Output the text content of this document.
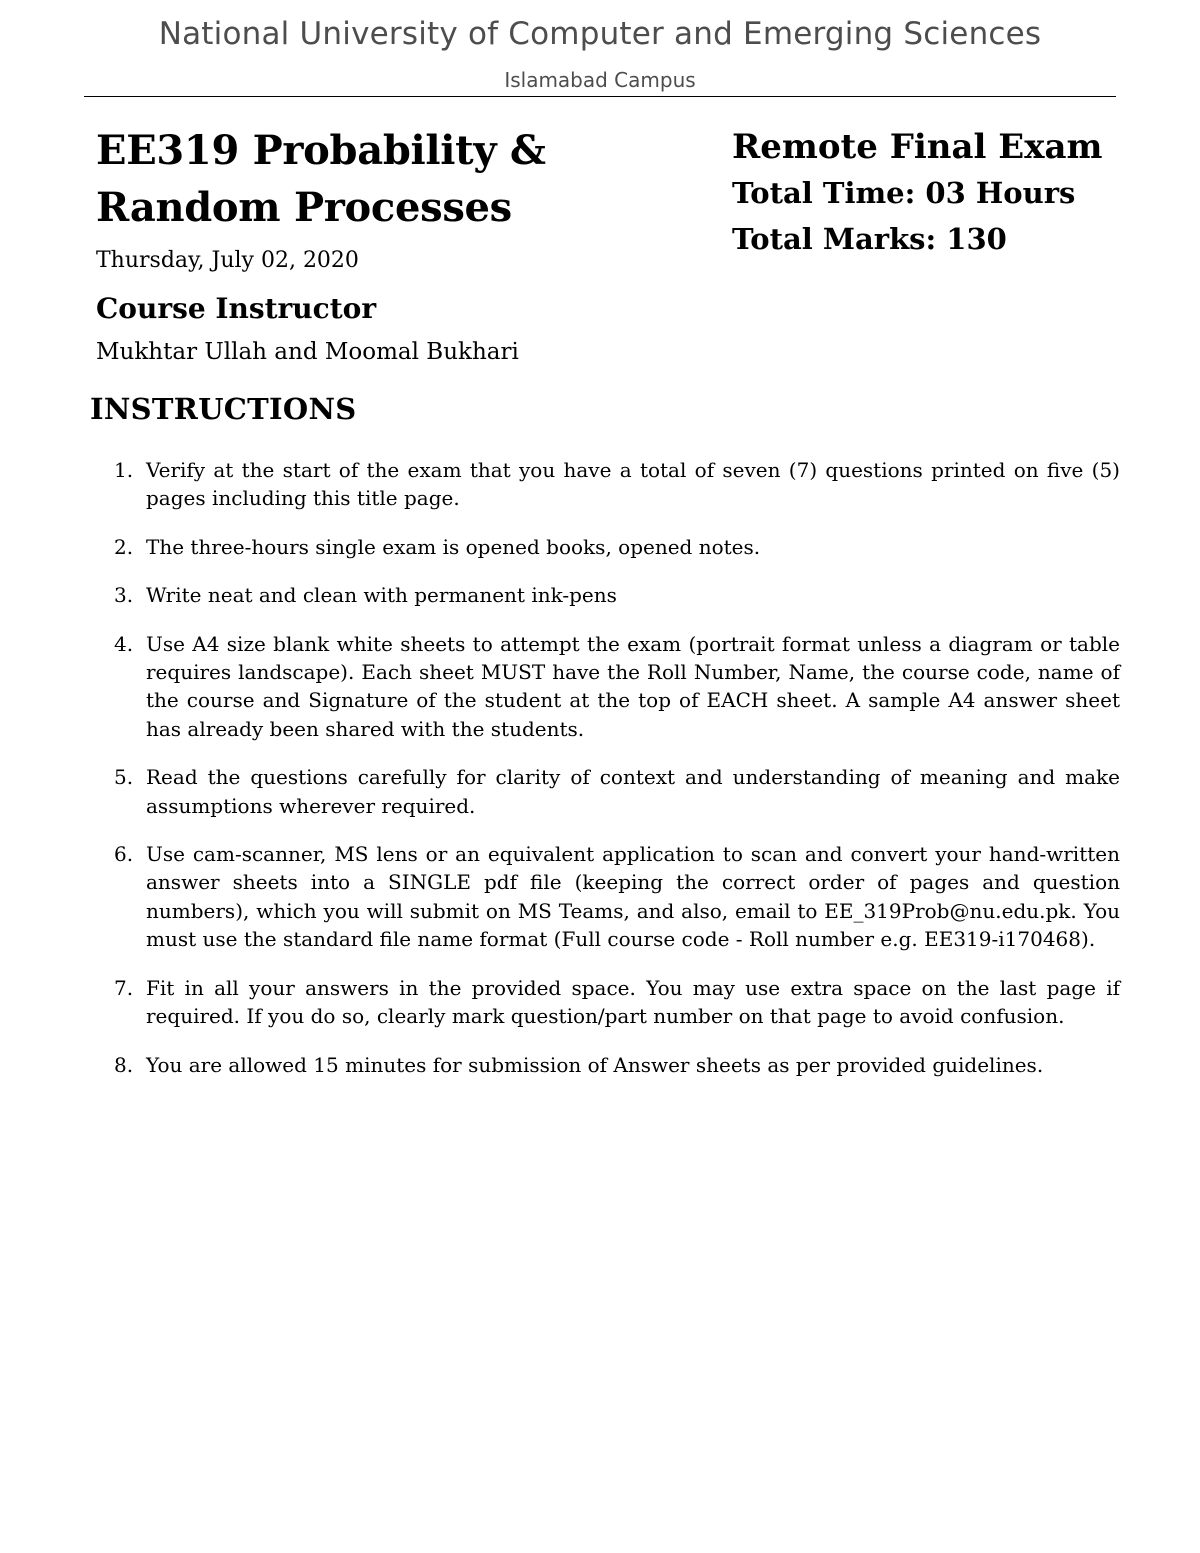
National University of Computer and Emerging Sciences
Islamabad Campus
EE319 Probability &
Random Processes
Thursday, July 02, 2020
Course Instructor
Mukhtar Ullah and Moomal Bukhari
Remote Final Exam
Total Time: 03 Hours
Total Marks: 130
INSTRUCTIONS
1. Verify at the start of the exam that you have a total of seven (7) questions printed on five (5) pages including this title page.
2. The three-hours single exam is opened books, opened notes.
3. Write neat and clean with permanent ink-pens
4. Use A4 size blank white sheets to attempt the exam (portrait format unless a diagram or table requires landscape). Each sheet MUST have the Roll Number, Name, the course code, name of the course and Signature of the student at the top of EACH sheet. A sample A4 answer sheet has already been shared with the students.
5. Read the questions carefully for clarity of context and understanding of meaning and make assumptions wherever required.
6. Use cam-scanner, MS lens or an equivalent application to scan and convert your hand-written answer sheets into a SINGLE pdf file (keeping the correct order of pages and question numbers), which you will submit on MS Teams, and also, email to EE_319Prob@nu.edu.pk. You must use the standard file name format (Full course code - Roll number e.g. EE319-i170468).
7. Fit in all your answers in the provided space. You may use extra space on the last page if required. If you do so, clearly mark question/part number on that page to avoid confusion.
8. You are allowed 15 minutes for submission of Answer sheets as per provided guidelines.
